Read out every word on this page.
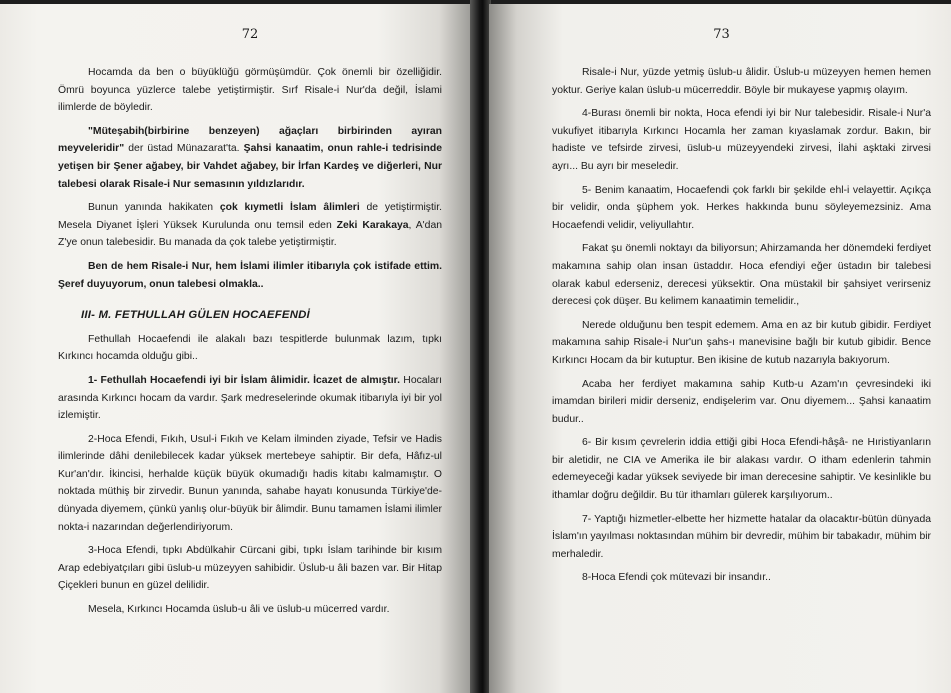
72

Hocamda da ben o büyüklüğü görmüşümdür. Çok önemli bir özelliğidir. Ömrü boyunca yüzlerce talebe yetiştirmiştir. Sırf Risale-i Nur'da değil, İslami ilimlerde de böyledir.

"Müteşabih(birbirine benzeyen) ağaçları birbirinden ayıran meyveleridir" der üstad Münazarat'ta. Şahsi kanaatim, onun rahle-i tedrisinde yetişen bir Şener ağabey, bir Vahdet ağabey, bir İrfan Kardeş ve diğerleri, Nur talebesi olarak Risale-i Nur semasının yıldızlarıdır.

Bunun yanında hakikaten çok kıymetli İslam âlimleri de yetiştirmiştir. Mesela Diyanet İşleri Yüksek Kurulunda onu temsil eden Zeki Karakaya, A'dan Z'ye onun talebesidir. Bu manada da çok talebe yetiştirmiştir.

Ben de hem Risale-i Nur, hem İslami ilimler itibarıyla çok istifade ettim. Şeref duyuyorum, onun talebesi olmakla..

III- M. FETHULLAH GÜLEN HOCAEFENDİ

Fethullah Hocaefendi ile alakalı bazı tespitlerde bulunmak lazım, tıpkı Kırkıncı hocamda olduğu gibi..

1- Fethullah Hocaefendi iyi bir İslam âlimidir. İcazet de almıştır. Hocaları arasında Kırkıncı hocam da vardır. Şark medreselerinde okumak itibarıyla iyi bir yol izlemiştir.

2-Hoca Efendi, Fıkıh, Usul-i Fıkıh ve Kelam ilminden ziyade, Tefsir ve Hadis ilimlerinde dâhi denilebilecek kadar yüksek mertebeye sahiptir. Bir defa, Hâfız-ul Kur'an'dır. İkincisi, herhalde küçük büyük okumadığı hadis kitabı kalmamıştır. O noktada müthiş bir zirvedir. Bunun yanında, sahabe hayatı konusunda Türkiye'de-dünyada diyemem, çünkü yanlış olur-büyük bir âlimdir. Bunu tamamen İslami ilimler nokta-i nazarından değerlendiriyorum.

3-Hoca Efendi, tıpkı Abdülkahir Cürcani gibi, tıpkı İslam tarihinde bir kısım Arap edebiyatçıları gibi üslub-u müzeyyen sahibidir. Üslub-u âli bazen var. Bir Hitap Çiçekleri bunun en güzel delilidir.

Mesela, Kırkıncı Hocamda üslub-u âli ve üslub-u mücerred vardır.

73

Risale-i Nur, yüzde yetmiş üslub-u âlidir. Üslub-u müzeyyen hemen hemen yoktur. Geriye kalan üslub-u mücerreddir. Böyle bir mukayese yapmış olayım.

4-Burası önemli bir nokta, Hoca efendi iyi bir Nur talebesidir. Risale-i Nur'a vukufiyet itibarıyla Kırkıncı Hocamla her zaman kıyaslamak zordur. Bakın, bir hadiste ve tefsirde zirvesi, üslub-u müzeyyendeki zirvesi, İlahi aşktaki zirvesi ayrı... Bu ayrı bir meseledir.

5- Benim kanaatim, Hocaefendi çok farklı bir şekilde ehl-i velayettir. Açıkça bir velidir, onda şüphem yok. Herkes hakkında bunu söyleyemezsiniz. Ama Hocaefendi velidir, veliyullahtır.

Fakat şu önemli noktayı da biliyorsun; Ahirzamanda her dönemdeki ferdiyet makamına sahip olan insan üstaddır. Hoca efendiyi eğer üstadın bir talebesi olarak kabul ederseniz, derecesi yüksektir. Ona müstakil bir şahsiyet verirseniz derecesi çok düşer. Bu kelimem kanaatimin temelidir.,

Nerede olduğunu ben tespit edemem. Ama en az bir kutub gibidir. Ferdiyet makamına sahip Risale-i Nur'un şahs-ı manevisine bağlı bir kutub gibidir. Bence Kırkıncı Hocam da bir kutuptur. Ben ikisine de kutub nazarıyla bakıyorum.

Acaba her ferdiyet makamına sahip Kutb-u Azam'ın çevresindeki iki imamdan birileri midir derseniz, endişelerim var. Onu diyemem... Şahsi kanaatim budur..

6- Bir kısım çevrelerin iddia ettiği gibi Hoca Efendi-hâşâ- ne Hıristiyanların bir aletidir, ne CIA ve Amerika ile bir alakası vardır. O itham edenlerin tahmin edemeyeceği kadar yüksek seviyede bir iman derecesine sahiptir. Ve kesinlikle bu ithamlar doğru değildir. Bu tür ithamları gülerek karşılıyorum..

7- Yaptığı hizmetler-elbette her hizmette hatalar da olacaktır-bütün dünyada İslam'ın yayılması noktasından mühim bir devredir, mühim bir tabakadır, mühim bir merhaledir.

8-Hoca Efendi çok mütevazi bir insandır..
